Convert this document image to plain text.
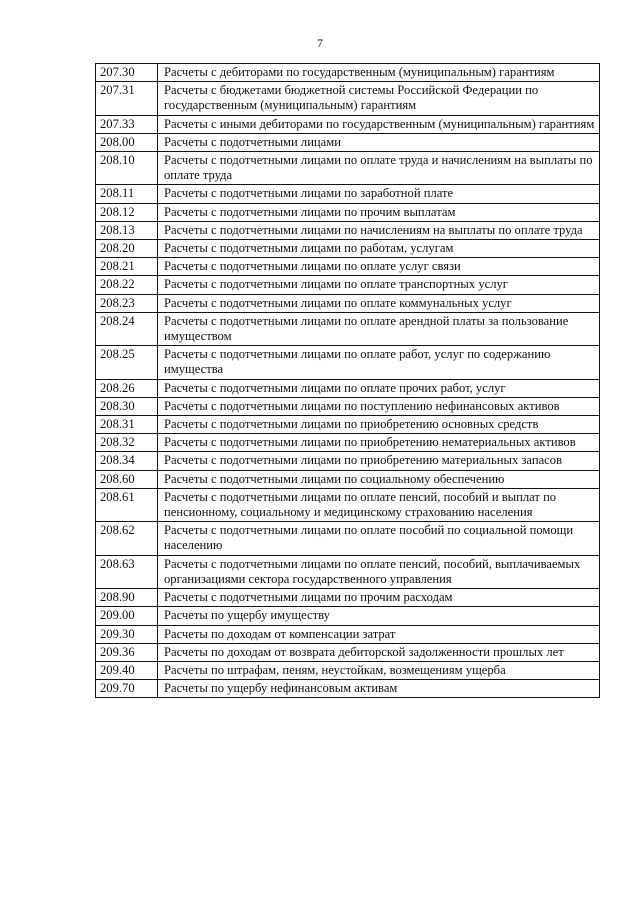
7
207.30	Расчеты с дебиторами по государственным (муниципальным) гарантиям
207.31	Расчеты с бюджетами бюджетной системы Российской Федерации по государственным (муниципальным) гарантиям
207.33	Расчеты с иными дебиторами по государственным (муниципальным) гарантиям
208.00	Расчеты с подотчетными лицами
208.10	Расчеты с подотчетными лицами по оплате труда и начислениям на выплаты по оплате труда
208.11	Расчеты с подотчетными лицами по заработной плате
208.12	Расчеты с подотчетными лицами по прочим выплатам
208.13	Расчеты с подотчетными лицами по начислениям на выплаты по оплате труда
208.20	Расчеты с подотчетными лицами по работам, услугам
208.21	Расчеты с подотчетными лицами по оплате услуг связи
208.22	Расчеты с подотчетными лицами по оплате транспортных услуг
208.23	Расчеты с подотчетными лицами по оплате коммунальных услуг
208.24	Расчеты с подотчетными лицами по оплате арендной платы за пользование имуществом
208.25	Расчеты с подотчетными лицами по оплате работ, услуг по содержанию имущества
208.26	Расчеты с подотчетными лицами по оплате прочих работ, услуг
208.30	Расчеты с подотчетными лицами по поступлению нефинансовых активов
208.31	Расчеты с подотчетными лицами по приобретению основных средств
208.32	Расчеты с подотчетными лицами по приобретению нематериальных активов
208.34	Расчеты с подотчетными лицами по приобретению материальных запасов
208.60	Расчеты с подотчетными лицами по социальному обеспечению
208.61	Расчеты с подотчетными лицами по оплате пенсий, пособий и выплат по пенсионному, социальному и медицинскому страхованию населения
208.62	Расчеты с подотчетными лицами по оплате пособий по социальной помощи населению
208.63	Расчеты с подотчетными лицами по оплате пенсий, пособий, выплачиваемых организациями сектора государственного управления
208.90	Расчеты с подотчетными лицами по прочим расходам
209.00	Расчеты по ущербу имуществу
209.30	Расчеты по доходам от компенсации затрат
209.36	Расчеты по доходам от возврата дебиторской задолженности прошлых лет
209.40	Расчеты по штрафам, пеням, неустойкам, возмещениям ущерба
209.70	Расчеты по ущербу нефинансовым активам
